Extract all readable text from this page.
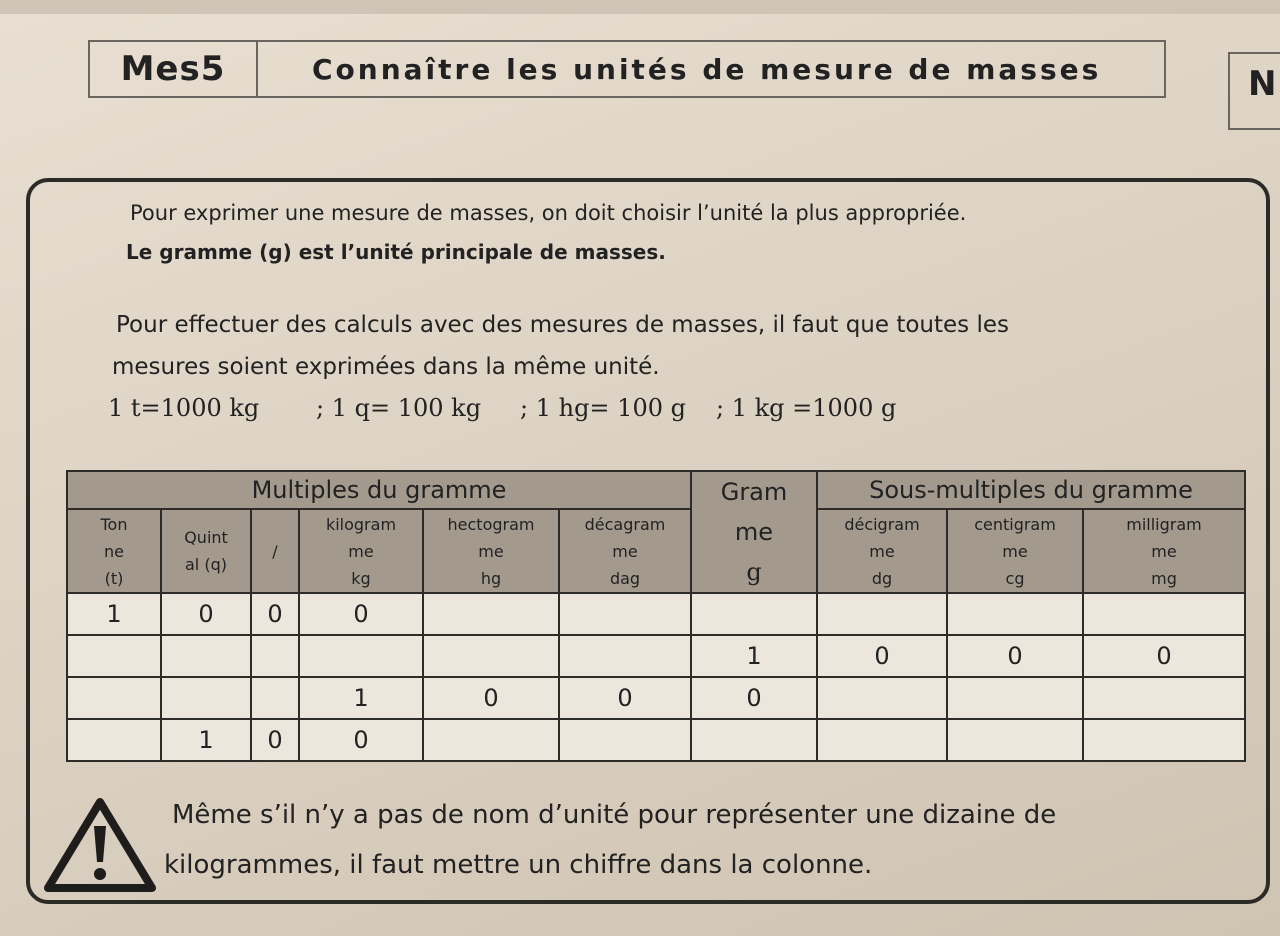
Mes5	Connaître les unités de mesure de masses	N
Pour exprimer une mesure de masses, on doit choisir l’unité la plus appropriée.
Le gramme (g) est l’unité principale de masses.
Pour effectuer des calculs avec des mesures de masses, il faut que toutes les
mesures soient exprimées dans la même unité.
1 t=1000 kg ; 1 q= 100 kg ; 1 hg= 100 g ; 1 kg =1000 g
Multiples du gramme						Gram
me
g	Sous-multiples du gramme		

Ton
ne
(t)	Quint
al (q)	/	kilogram
me
kg	hectogram
me
hg	décagram
me
dag		décigram
me
dg	centigram
me
cg	milligram
me
mg

1	0	0	0						
						1	0	0	0
			1	0	0	0			
	1	0	0						
Même s’il n’y a pas de nom d’unité pour représenter une dizaine de
kilogrammes, il faut mettre un chiffre dans la colonne.
